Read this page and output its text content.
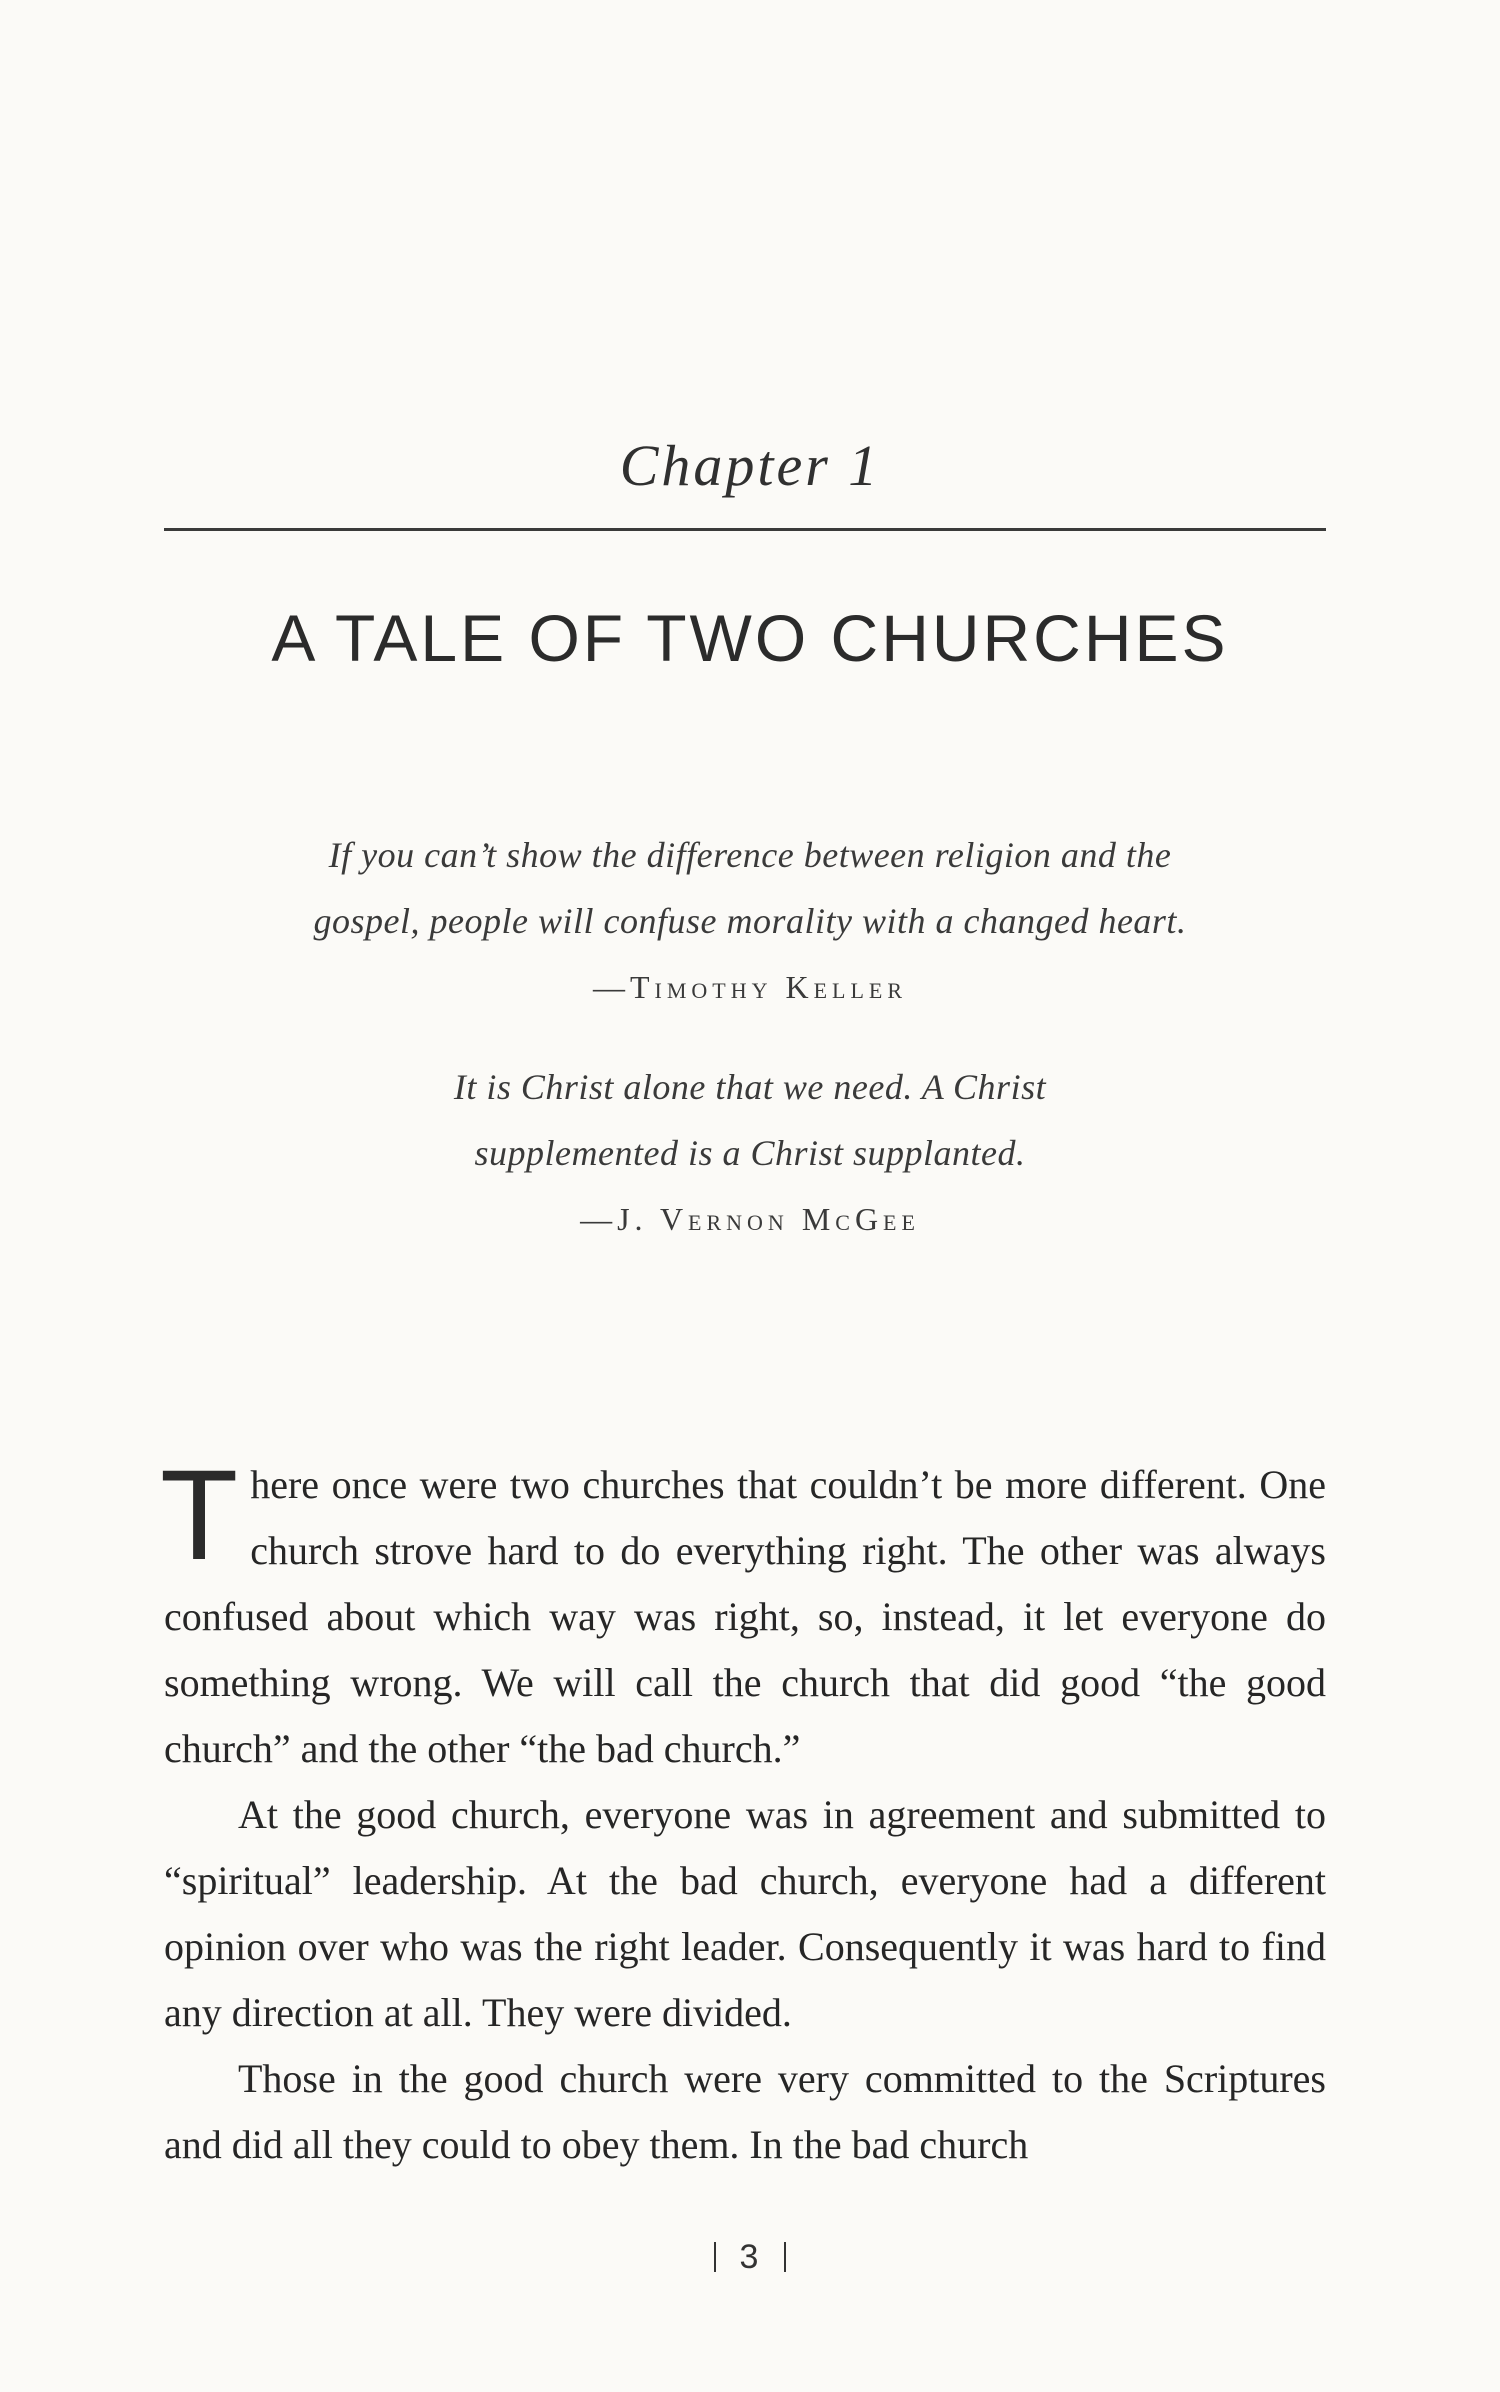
Chapter 1
A TALE OF TWO CHURCHES
If you can’t show the difference between religion and the
gospel, people will confuse morality with a changed heart.
—Timothy Keller
It is Christ alone that we need. A Christ
supplemented is a Christ supplanted.
—J. Vernon McGee

There once were two churches that couldn’t be more different. One church strove hard to do everything right. The other was always confused about which way was right, so, instead, it let everyone do something wrong. We will call the church that did good “the good church” and the other “the bad church.”

At the good church, everyone was in agreement and submitted to “spiritual” leadership. At the bad church, everyone had a different opinion over who was the right leader. Consequently it was hard to find any direction at all. They were divided.

Those in the good church were very committed to the Scriptures and did all they could to obey them. In the bad church

3
